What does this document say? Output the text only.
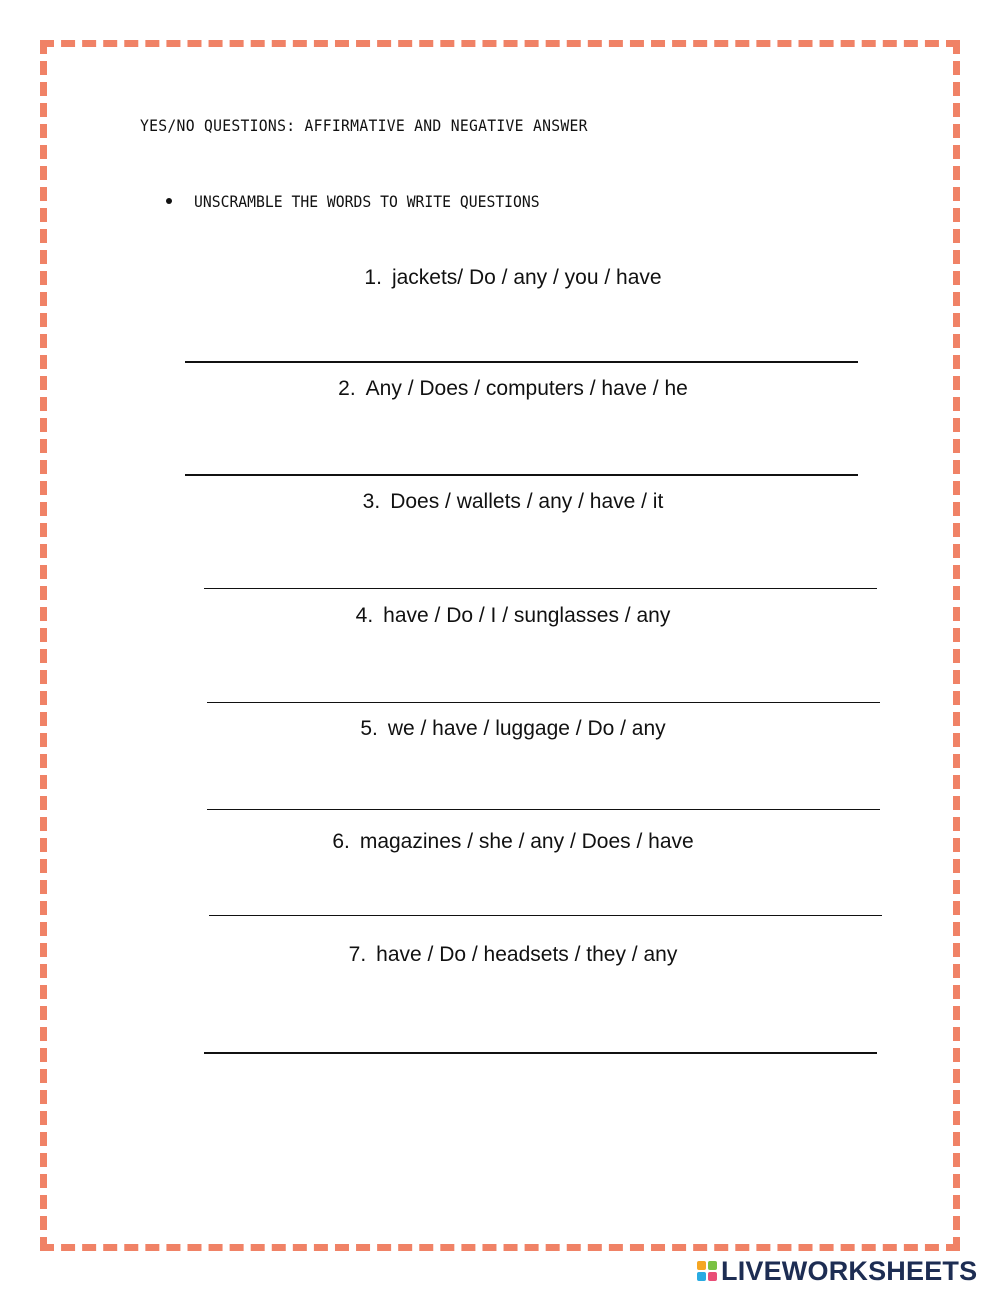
YES/NO QUESTIONS: AFFIRMATIVE AND NEGATIVE ANSWER
UNSCRAMBLE THE WORDS TO WRITE QUESTIONS
1. jackets/ Do / any / you / have
2. Any / Does / computers / have / he
3. Does / wallets / any / have / it
4. have / Do / I / sunglasses / any
5. we / have / luggage / Do / any
6. magazines / she / any / Does / have
7. have / Do / headsets / they / any
LIVEWORKSHEETS
